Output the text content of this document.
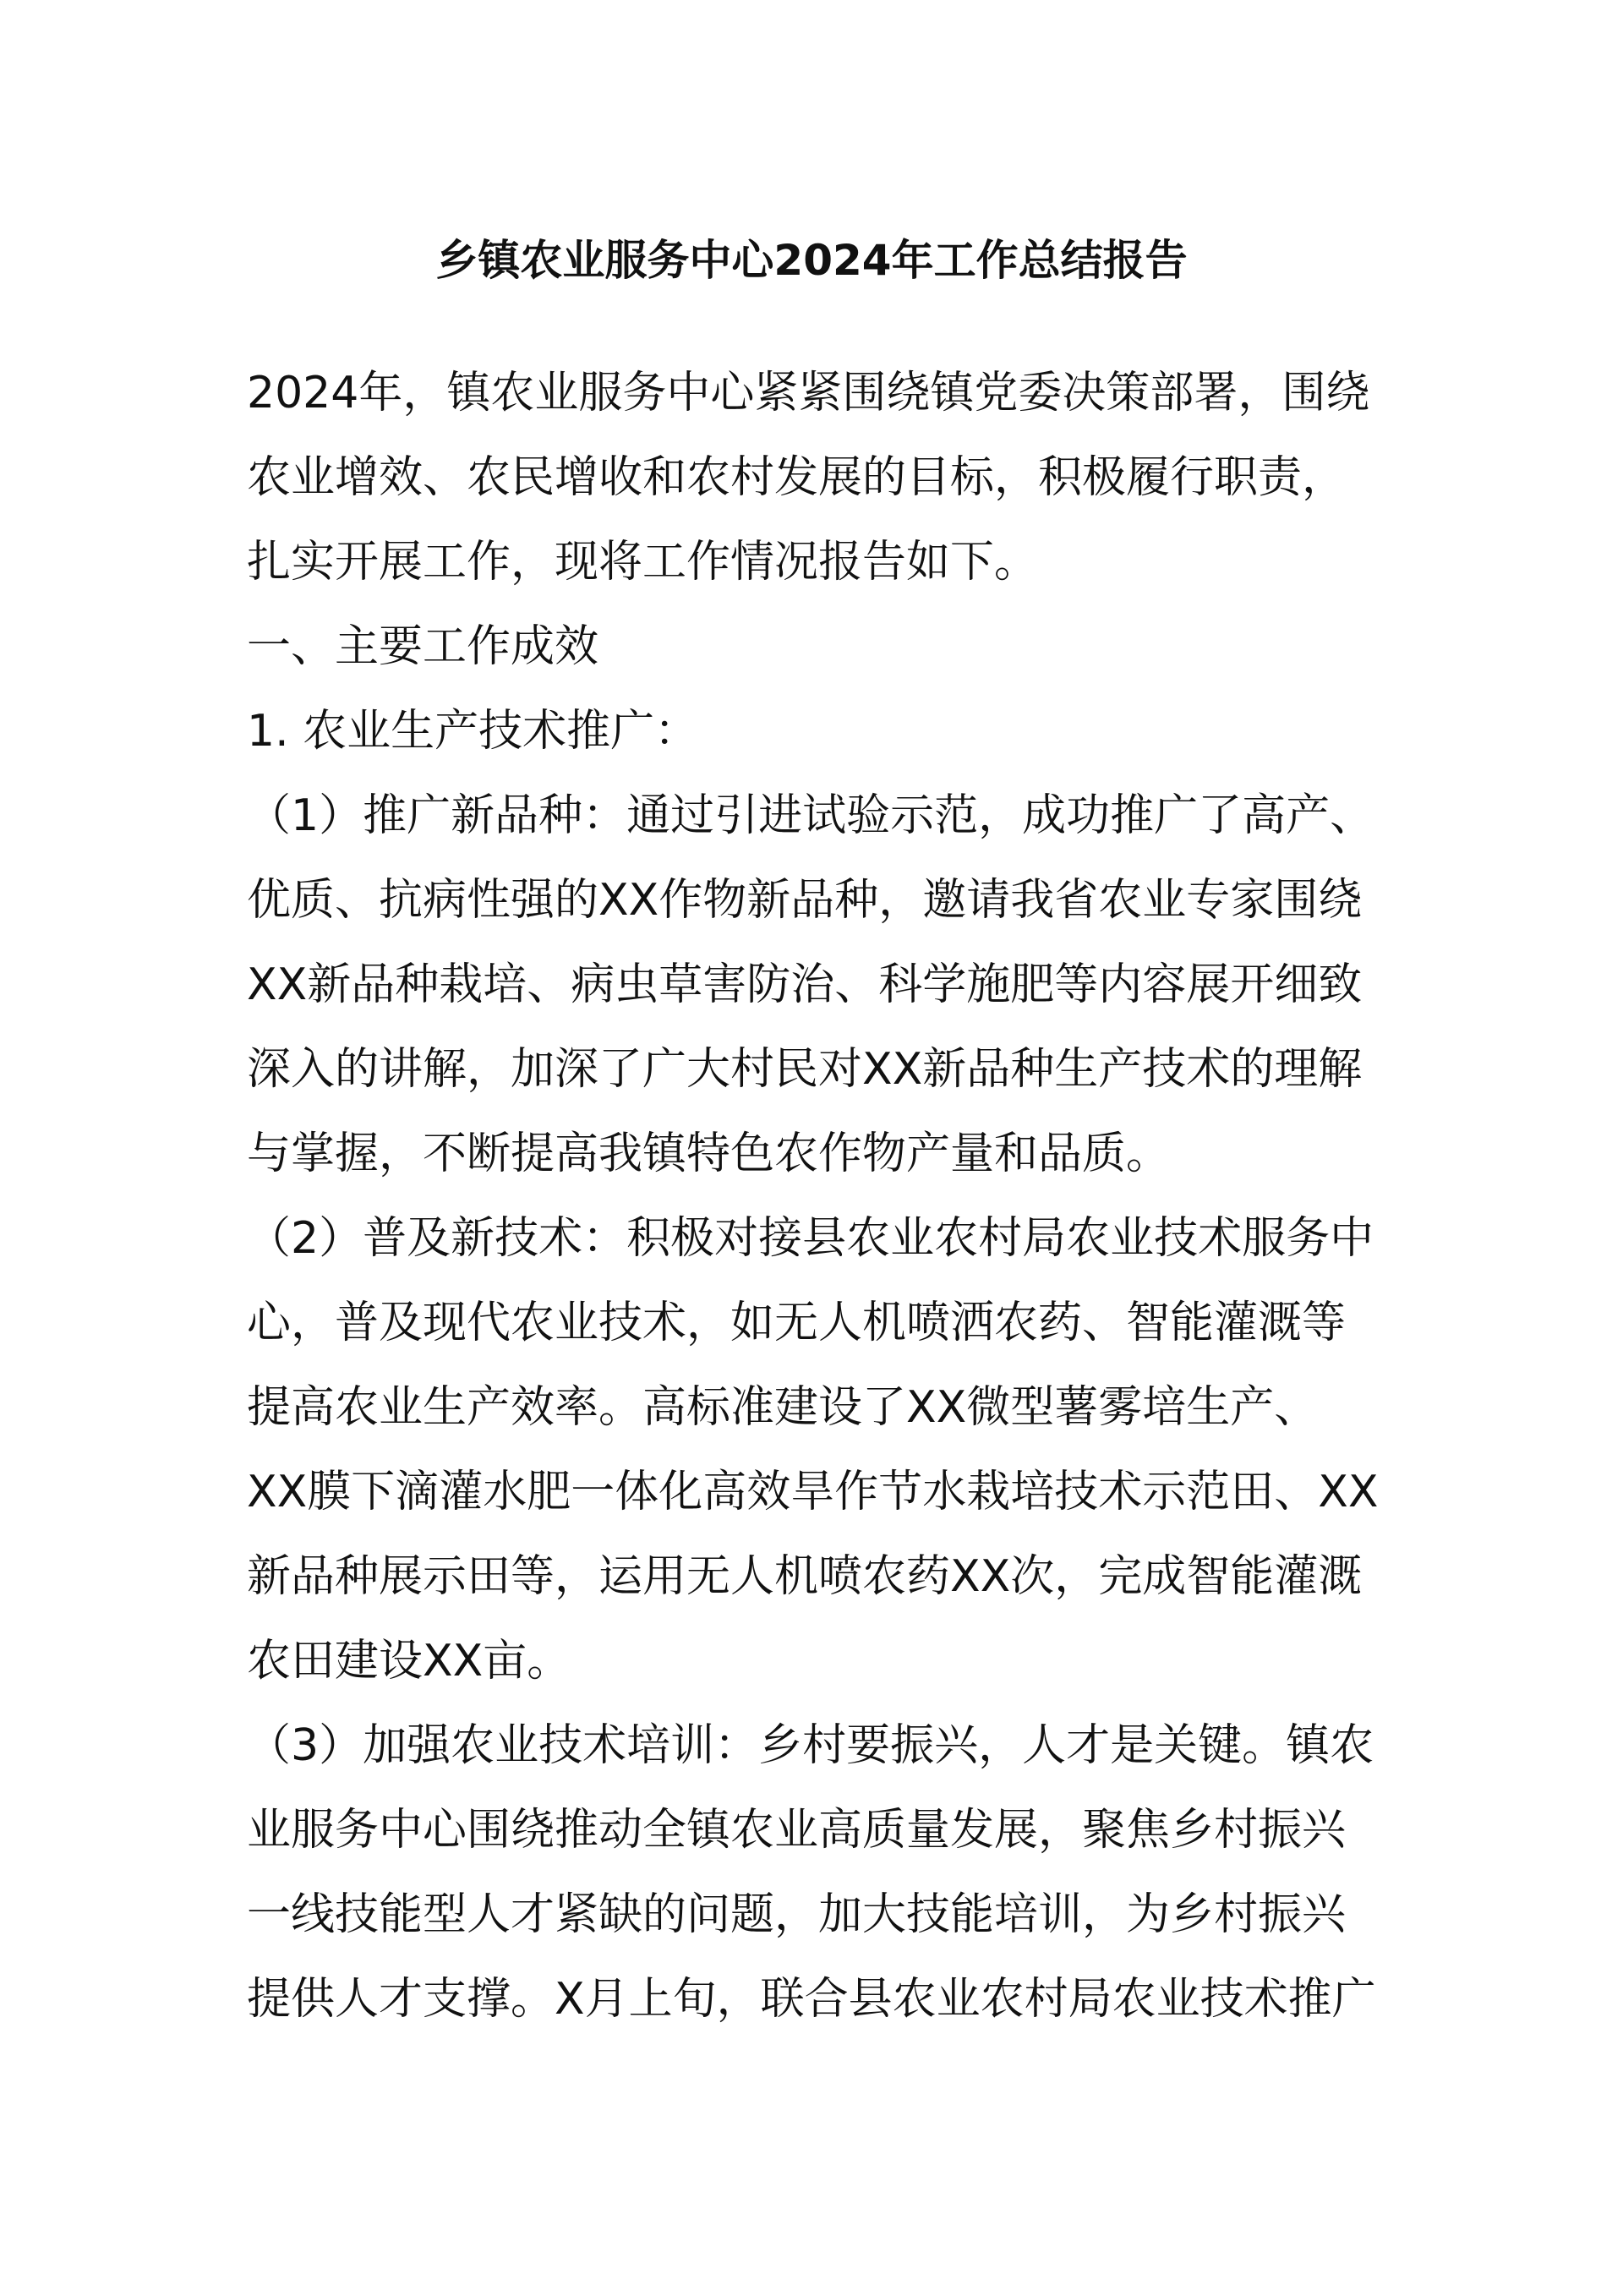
乡镇农业服务中心2024年工作总结报告
2024年，镇农业服务中心紧紧围绕镇党委决策部署，围绕
农业增效、农民增收和农村发展的目标，积极履行职责，
扎实开展工作，现将工作情况报告如下。
一、主要工作成效
1. 农业生产技术推广：
（1）推广新品种：通过引进试验示范，成功推广了高产、
优质、抗病性强的XX作物新品种，邀请我省农业专家围绕
XX新品种栽培、病虫草害防治、科学施肥等内容展开细致
深入的讲解，加深了广大村民对XX新品种生产技术的理解
与掌握，不断提高我镇特色农作物产量和品质。
（2）普及新技术：积极对接县农业农村局农业技术服务中
心，普及现代农业技术，如无人机喷洒农药、智能灌溉等
提高农业生产效率。高标准建设了XX微型薯雾培生产、
XX膜下滴灌水肥一体化高效旱作节水栽培技术示范田、XX
新品种展示田等，运用无人机喷农药XX次，完成智能灌溉
农田建设XX亩。
（3）加强农业技术培训：乡村要振兴，人才是关键。镇农
业服务中心围绕推动全镇农业高质量发展，聚焦乡村振兴
一线技能型人才紧缺的问题，加大技能培训，为乡村振兴
提供人才支撑。X月上旬，联合县农业农村局农业技术推广
